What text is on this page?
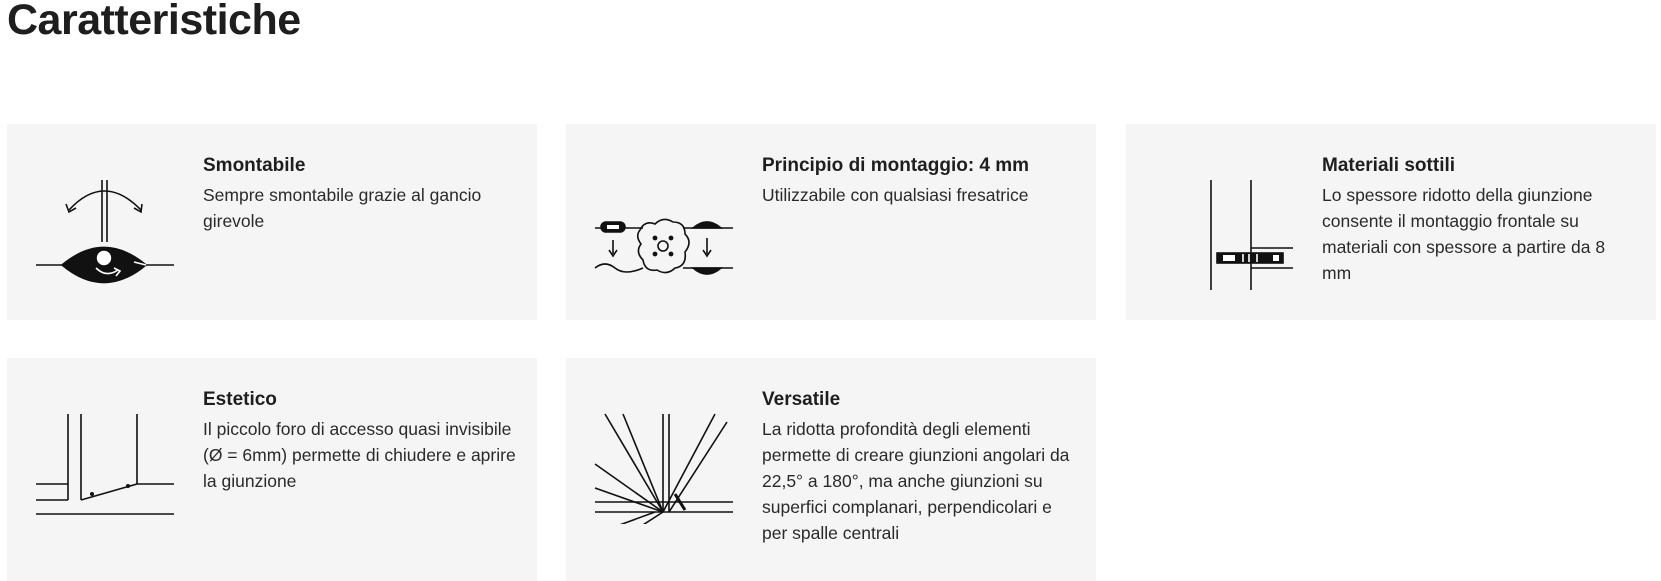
Caratteristiche
Smontabile

Sempre smontabile grazie al gancio girevole

Principio di montaggio: 4 mm

Utilizzabile con qualsiasi fresatrice

Materiali sottili

Lo spessore ridotto della giunzione consente il montaggio frontale su materiali con spessore a partire da 8 mm

Estetico

Il piccolo foro di accesso quasi invisibile (Ø = 6mm) permette di chiudere e aprire la giunzione

Versatile

La ridotta profondità degli elementi permette di creare giunzioni angolari da 22,5° a 180°, ma anche giunzioni su superfici complanari, perpendicolari e per spalle centrali
